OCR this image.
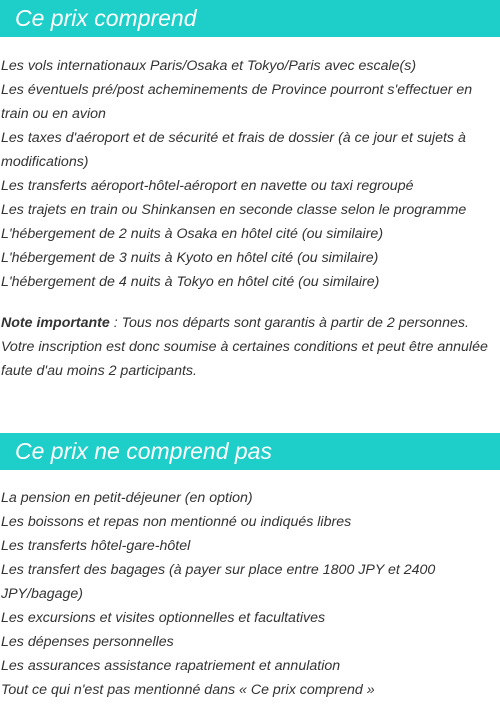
Ce prix comprend
Les vols internationaux Paris/Osaka et Tokyo/Paris avec escale(s)
Les éventuels pré/post acheminements de Province pourront s'effectuer en train ou en avion
Les taxes d'aéroport et de sécurité et frais de dossier (à ce jour et sujets à modifications)
Les transferts aéroport-hôtel-aéroport en navette ou taxi regroupé
Les trajets en train ou Shinkansen en seconde classe selon le programme
L'hébergement de 2 nuits à Osaka en hôtel cité (ou similaire)
L'hébergement de 3 nuits à Kyoto en hôtel cité (ou similaire)
L'hébergement de 4 nuits à Tokyo en hôtel cité (ou similaire)

Note importante : Tous nos départs sont garantis à partir de 2 personnes. Votre inscription est donc soumise à certaines conditions et peut être annulée faute d'au moins 2 participants.

Ce prix ne comprend pas
La pension en petit-déjeuner (en option)
Les boissons et repas non mentionné ou indiqués libres
Les transferts hôtel-gare-hôtel
Les transfert des bagages (à payer sur place entre 1800 JPY et 2400 JPY/bagage)
Les excursions et visites optionnelles et facultatives
Les dépenses personnelles
Les assurances assistance rapatriement et annulation
Tout ce qui n'est pas mentionné dans « Ce prix comprend »
